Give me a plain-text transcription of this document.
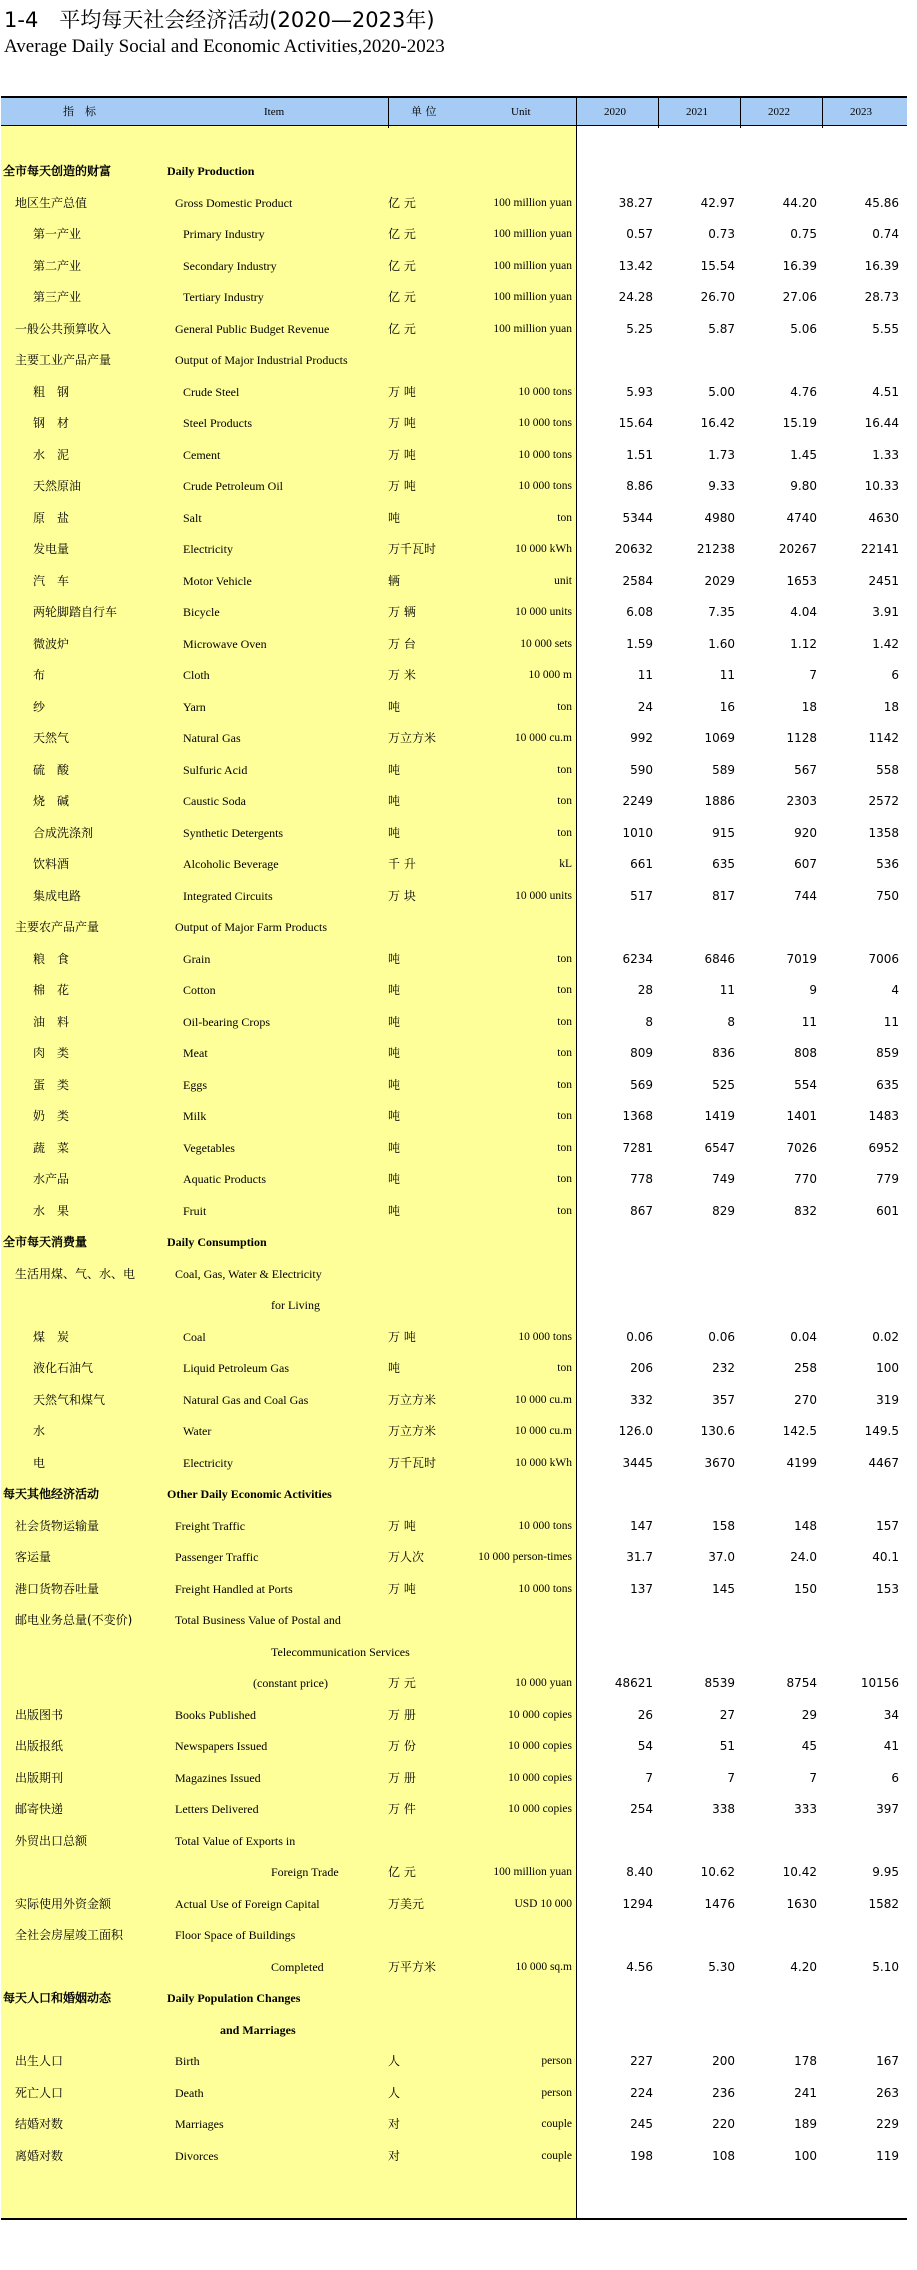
1-4　平均每天社会经济活动(2020—2023年)
Average Daily Social and Economic Activities,2020-2023
指　标	Item	单 位	Unit	2020	2021	2022	2023
全市每天创造的财富	Daily Production
地区生产总值	Gross Domestic Product	亿 元	100 million yuan	38.27	42.97	44.20	45.86
第一产业	Primary Industry	亿 元	100 million yuan	0.57	0.73	0.75	0.74
第二产业	Secondary Industry	亿 元	100 million yuan	13.42	15.54	16.39	16.39
第三产业	Tertiary Industry	亿 元	100 million yuan	24.28	26.70	27.06	28.73
一般公共预算收入	General Public Budget Revenue	亿 元	100 million yuan	5.25	5.87	5.06	5.55
主要工业产品产量	Output of Major Industrial Products
粗　钢	Crude Steel	万 吨	10 000 tons	5.93	5.00	4.76	4.51
钢　材	Steel Products	万 吨	10 000 tons	15.64	16.42	15.19	16.44
水　泥	Cement	万 吨	10 000 tons	1.51	1.73	1.45	1.33
天然原油	Crude Petroleum Oil	万 吨	10 000 tons	8.86	9.33	9.80	10.33
原　盐	Salt	吨	ton	5344	4980	4740	4630
发电量	Electricity	万千瓦时	10 000 kWh	20632	21238	20267	22141
汽　车	Motor Vehicle	辆	unit	2584	2029	1653	2451
两轮脚踏自行车	Bicycle	万 辆	10 000 units	6.08	7.35	4.04	3.91
微波炉	Microwave Oven	万 台	10 000 sets	1.59	1.60	1.12	1.42
布	Cloth	万 米	10 000 m	11	11	7	6
纱	Yarn	吨	ton	24	16	18	18
天然气	Natural Gas	万立方米	10 000 cu.m	992	1069	1128	1142
硫　酸	Sulfuric Acid	吨	ton	590	589	567	558
烧　碱	Caustic Soda	吨	ton	2249	1886	2303	2572
合成洗涤剂	Synthetic Detergents	吨	ton	1010	915	920	1358
饮料酒	Alcoholic Beverage	千 升	kL	661	635	607	536
集成电路	Integrated Circuits	万 块	10 000 units	517	817	744	750
主要农产品产量	Output of Major Farm Products
粮　食	Grain	吨	ton	6234	6846	7019	7006
棉　花	Cotton	吨	ton	28	11	9	4
油　料	Oil-bearing Crops	吨	ton	8	8	11	11
肉　类	Meat	吨	ton	809	836	808	859
蛋　类	Eggs	吨	ton	569	525	554	635
奶　类	Milk	吨	ton	1368	1419	1401	1483
蔬　菜	Vegetables	吨	ton	7281	6547	7026	6952
水产品	Aquatic Products	吨	ton	778	749	770	779
水　果	Fruit	吨	ton	867	829	832	601
全市每天消费量	Daily Consumption
生活用煤、气、水、电	Coal, Gas, Water & Electricity
for Living
煤　炭	Coal	万 吨	10 000 tons	0.06	0.06	0.04	0.02
液化石油气	Liquid Petroleum Gas	吨	ton	206	232	258	100
天然气和煤气	Natural Gas and Coal Gas	万立方米	10 000 cu.m	332	357	270	319
水	Water	万立方米	10 000 cu.m	126.0	130.6	142.5	149.5
电	Electricity	万千瓦时	10 000 kWh	3445	3670	4199	4467
每天其他经济活动	Other Daily Economic Activities
社会货物运输量	Freight Traffic	万 吨	10 000 tons	147	158	148	157
客运量	Passenger Traffic	万人次	10 000 person-times	31.7	37.0	24.0	40.1
港口货物吞吐量	Freight Handled at Ports	万 吨	10 000 tons	137	145	150	153
邮电业务总量(不变价)	Total Business Value of Postal and
Telecommunication Services
(constant price)	万 元	10 000 yuan	48621	8539	8754	10156
出版图书	Books Published	万 册	10 000 copies	26	27	29	34
出版报纸	Newspapers Issued	万 份	10 000 copies	54	51	45	41
出版期刊	Magazines Issued	万 册	10 000 copies	7	7	7	6
邮寄快递	Letters Delivered	万 件	10 000 copies	254	338	333	397
外贸出口总额	Total Value of Exports in
Foreign Trade	亿 元	100 million yuan	8.40	10.62	10.42	9.95
实际使用外资金额	Actual Use of Foreign Capital	万美元	USD 10 000	1294	1476	1630	1582
全社会房屋竣工面积	Floor Space of Buildings
Completed	万平方米	10 000 sq.m	4.56	5.30	4.20	5.10
每天人口和婚姻动态	Daily Population Changes
and Marriages
出生人口	Birth	人	person	227	200	178	167
死亡人口	Death	人	person	224	236	241	263
结婚对数	Marriages	对	couple	245	220	189	229
离婚对数	Divorces	对	couple	198	108	100	119
